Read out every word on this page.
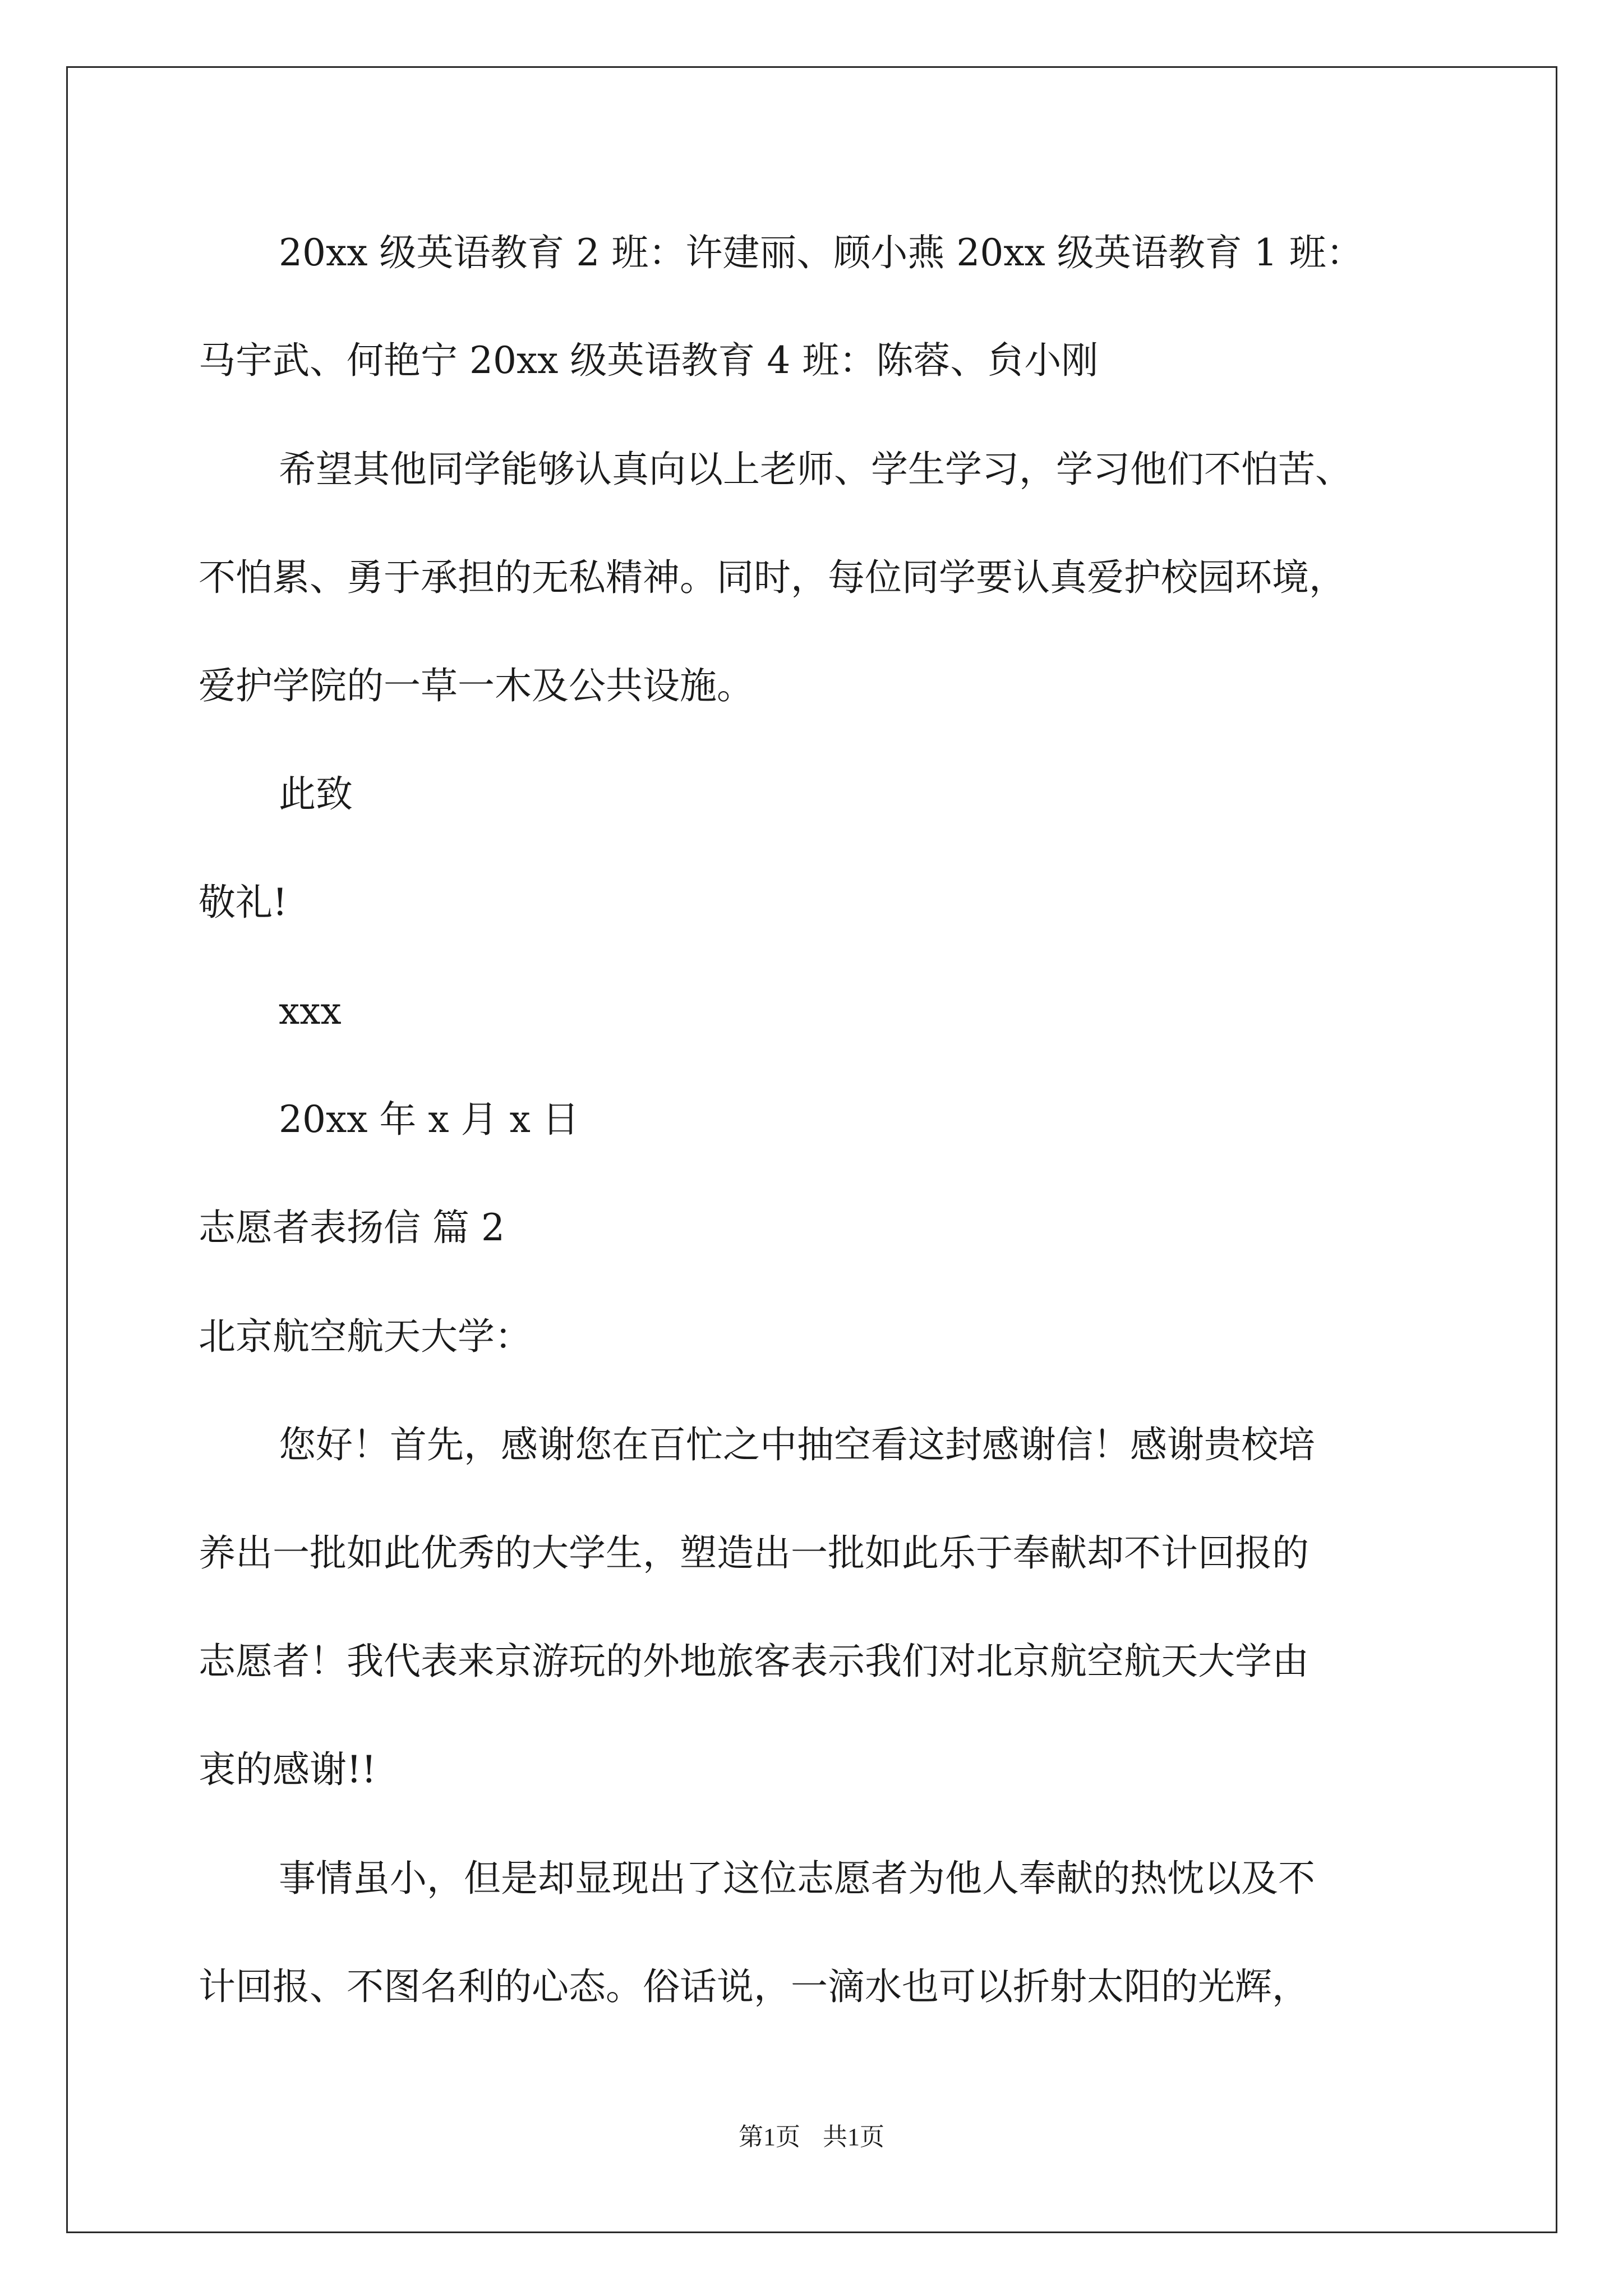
20xx 级英语教育 2 班：许建丽、顾小燕 20xx 级英语教育 1 班：

马宇武、何艳宁 20xx 级英语教育 4 班：陈蓉、贠小刚

希望其他同学能够认真向以上老师、学生学习，学习他们不怕苦、

不怕累、勇于承担的无私精神。同时，每位同学要认真爱护校园环境，

爱护学院的一草一木及公共设施。

此致

敬礼!

xxx

20xx 年 x 月 x 日

志愿者表扬信 篇 2

北京航空航天大学：

您好！首先，感谢您在百忙之中抽空看这封感谢信！感谢贵校培

养出一批如此优秀的大学生，塑造出一批如此乐于奉献却不计回报的

志愿者！我代表来京游玩的外地旅客表示我们对北京航空航天大学由

衷的感谢!!

事情虽小，但是却显现出了这位志愿者为他人奉献的热忱以及不

计回报、不图名利的心态。俗话说，一滴水也可以折射太阳的光辉，

第1页 共1页
